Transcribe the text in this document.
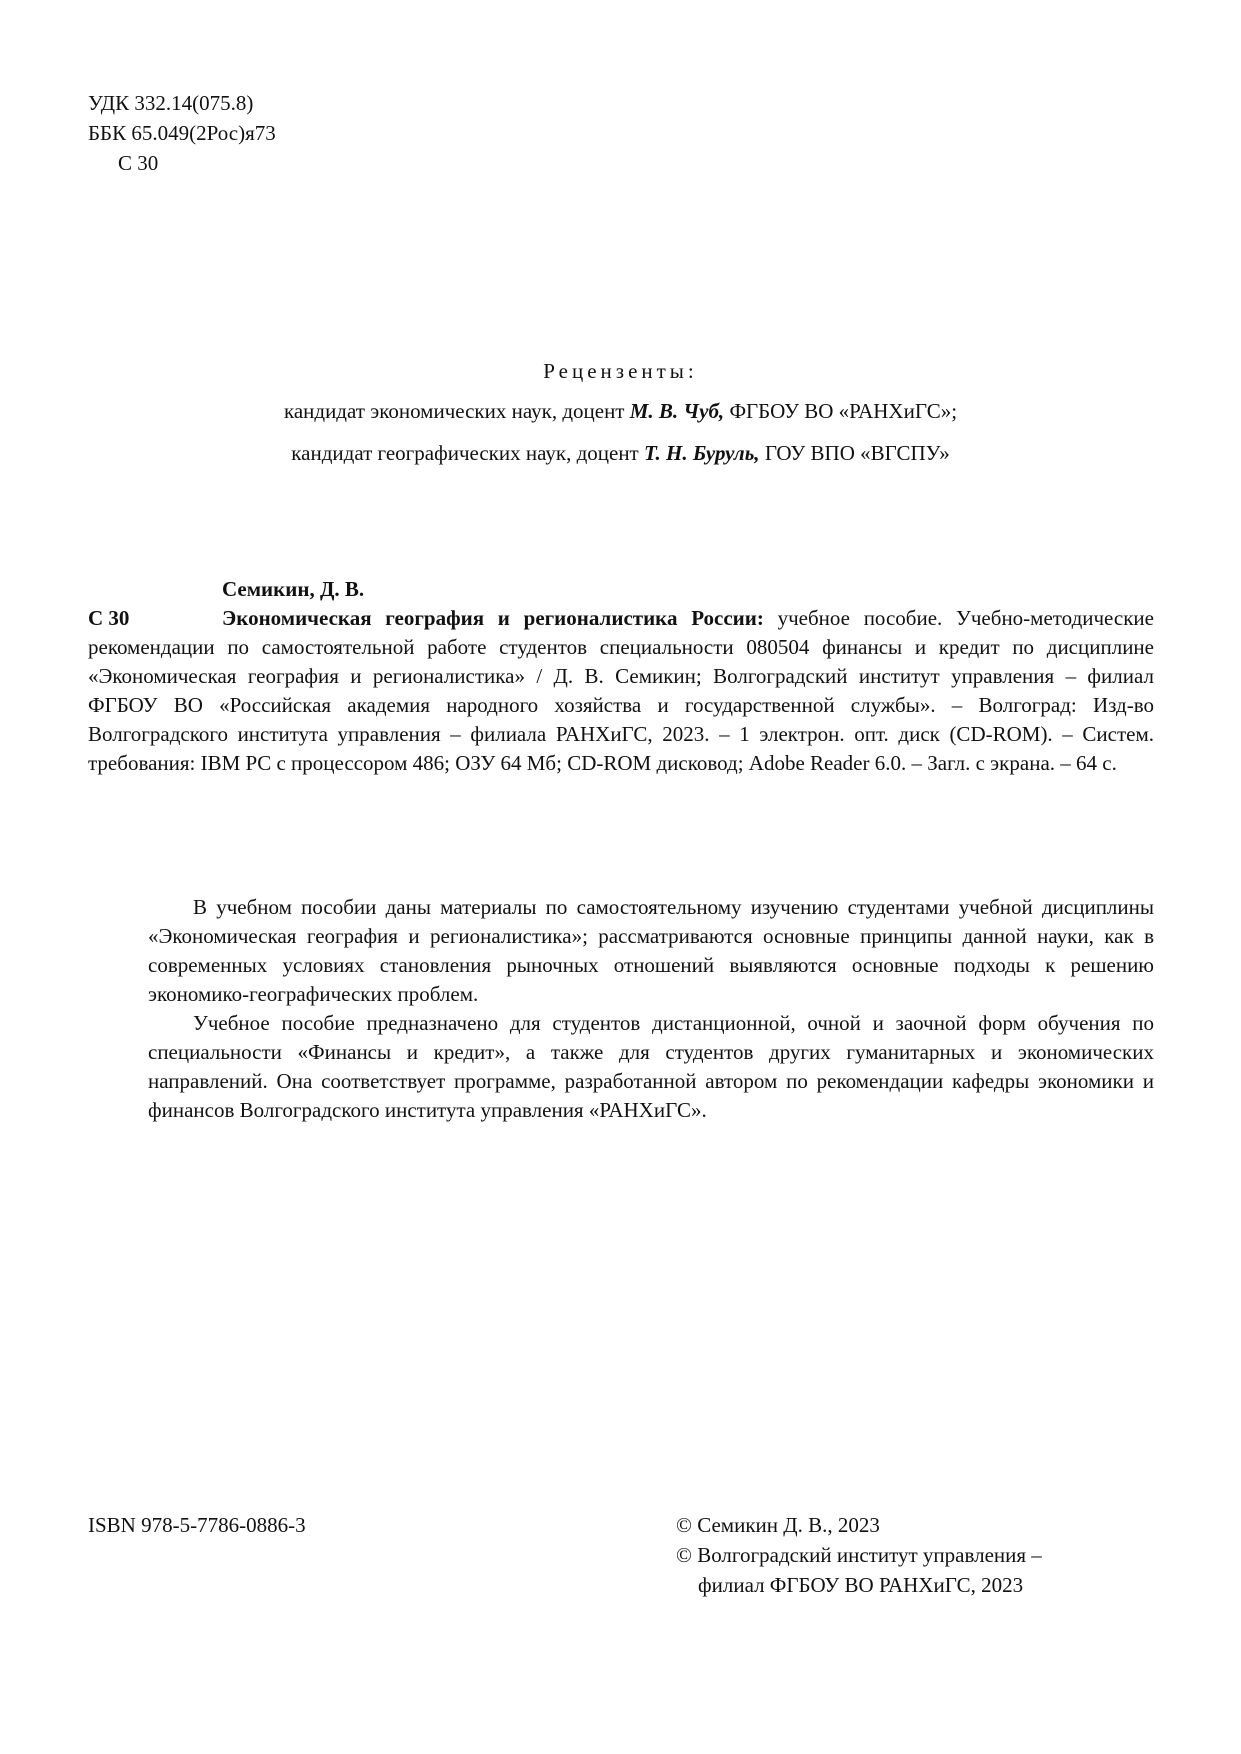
УДК 332.14(075.8)
ББК 65.049(2Рос)я73
С 30
Рецензенты:
кандидат экономических наук, доцент М. В. Чуб, ФГБОУ ВО «РАНХиГС»;
кандидат географических наук, доцент Т. Н. Буруль, ГОУ ВПО «ВГСПУ»
Семикин, Д. В.
С 30	Экономическая география и регионалистика России: учебное пособие. Учебно-методические рекомендации по самостоятельной работе студентов специальности 080504 финансы и кредит по дисциплине «Экономическая география и регионалистика» / Д. В. Семикин; Волгоградский институт управления – филиал ФГБОУ ВО «Российская академия народного хозяйства и государственной службы». – Волгоград: Изд-во Волгоградского института управления – филиала РАНХиГС, 2023. – 1 электрон. опт. диск (CD-ROM). – Систем. требования: IBM PC с процессором 486; ОЗУ 64 Мб; CD-ROM дисковод; Adobe Reader 6.0. – Загл. с экрана. – 64 с.

В учебном пособии даны материалы по самостоятельному изучению студентами учебной дисциплины «Экономическая география и регионалистика»; рассматриваются основные принципы данной науки, как в современных условиях становления рыночных отношений выявляются основные подходы к решению экономико-географических проблем.

Учебное пособие предназначено для студентов дистанционной, очной и заочной форм обучения по специальности «Финансы и кредит», а также для студентов других гуманитарных и экономических направлений. Она соответствует программе, разработанной автором по рекомендации кафедры экономики и финансов Волгоградского института управления «РАНХиГС».

ISBN 978-5-7786-0886-3	© Семикин Д. В., 2023
© Волгоградский институт управления –
филиал ФГБОУ ВО РАНХиГС, 2023
